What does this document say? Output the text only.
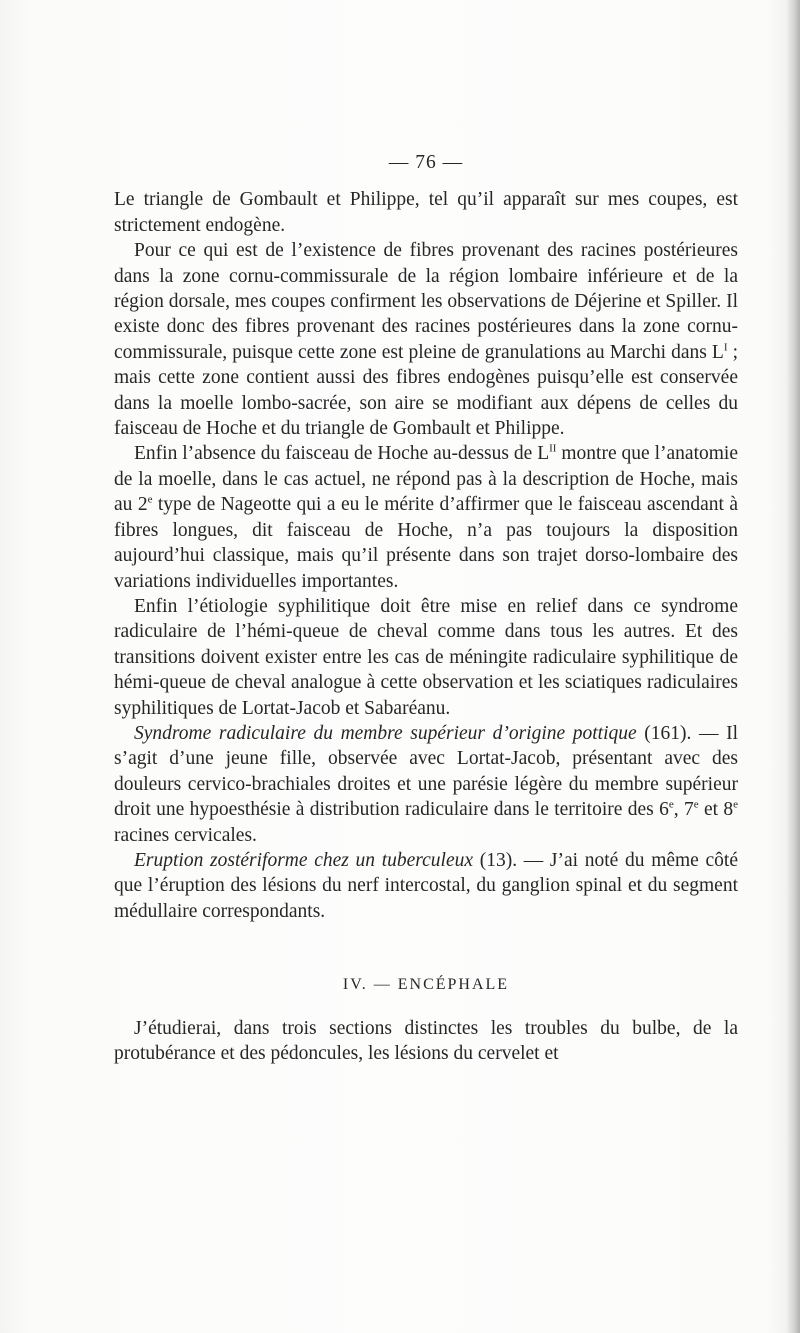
— 76 —

Le triangle de Gombault et Philippe, tel qu’il apparaît sur mes coupes, est strictement endogène.

Pour ce qui est de l’existence de fibres provenant des racines postérieures dans la zone cornu-commissurale de la région lombaire inférieure et de la région dorsale, mes coupes confirment les observations de Déjerine et Spiller. Il existe donc des fibres provenant des racines postérieures dans la zone cornu-commissurale, puisque cette zone est pleine de granulations au Marchi dans $L^I$ ; mais cette zone contient aussi des fibres endogènes puisqu’elle est conservée dans la moelle lombo-sacrée, son aire se modifiant aux dépens de celles du faisceau de Hoche et du triangle de Gombault et Philippe.

Enfin l’absence du faisceau de Hoche au-dessus de $L^{II}$ montre que l’anatomie de la moelle, dans le cas actuel, ne répond pas à la description de Hoche, mais au 2e type de Nageotte qui a eu le mérite d’affirmer que le faisceau ascendant à fibres longues, dit faisceau de Hoche, n’a pas toujours la disposition aujourd’hui classique, mais qu’il présente dans son trajet dorso-lombaire des variations individuelles importantes.

Enfin l’étiologie syphilitique doit être mise en relief dans ce syndrome radiculaire de l’hémi-queue de cheval comme dans tous les autres. Et des transitions doivent exister entre les cas de méningite radiculaire syphilitique de hémi-queue de cheval analogue à cette observation et les sciatiques radiculaires syphilitiques de Lortat-Jacob et Sabaréanu.

Syndrome radiculaire du membre supérieur d’origine pottique (161). — Il s’agit d’une jeune fille, observée avec Lortat-Jacob, présentant avec des douleurs cervico-brachiales droites et une parésie légère du membre supérieur droit une hypoesthésie à distribution radiculaire dans le territoire des 6e, 7e et 8e racines cervicales.

Eruption zostériforme chez un tuberculeux (13). — J’ai noté du même côté que l’éruption des lésions du nerf intercostal, du ganglion spinal et du segment médullaire correspondants.

IV. — ENCÉPHALE

J’étudierai, dans trois sections distinctes les troubles du bulbe, de la protubérance et des pédoncules, les lésions du cervelet et
